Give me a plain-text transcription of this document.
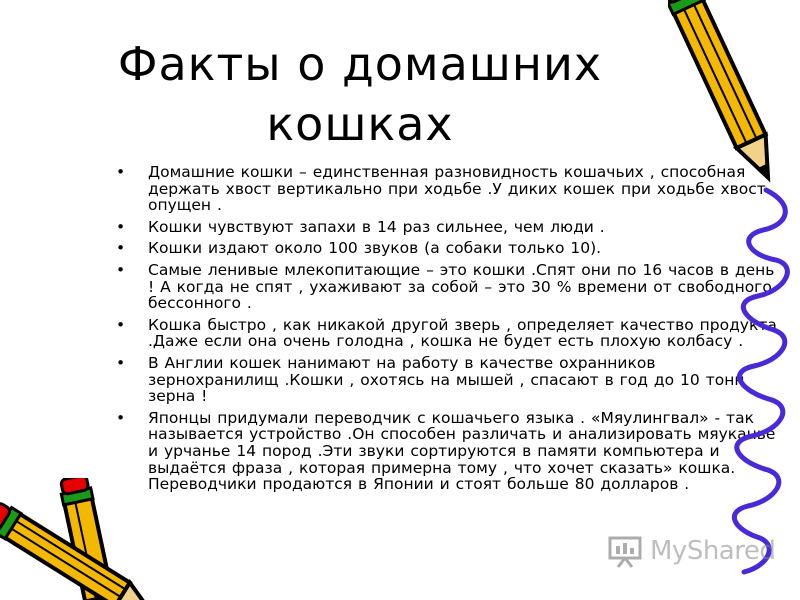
Факты о домашних кошках
• Домашние кошки – единственная разновидность кошачьих , способная держать хвост вертикально при ходьбе .У диких кошек при ходьбе хвост опущен .
• Кошки чувствуют запахи в 14 раз сильнее, чем люди .
• Кошки издают около 100 звуков (а собаки только 10).
• Самые ленивые млекопитающие – это кошки .Спят они по 16 часов в день ! А когда не спят , ухаживают за собой – это 30 % времени от свободного бессонного .
• Кошка быстро , как никакой другой зверь , определяет качество продукта .Даже если она очень голодна , кошка не будет есть плохую колбасу .
• В Англии кошек нанимают на работу в качестве охранников зернохранилищ .Кошки , охотясь на мышей , спасают в год до 10 тонн зерна !
• Японцы придумали переводчик с кошачьего языка . «Мяулингвал» - так называется устройство .Он способен различать и анализировать мяуканье и урчанье 14 пород .Эти звуки сортируются в памяти компьютера и выдаётся фраза , которая примерна тому , что хочет сказать» кошка. Переводчики продаются в Японии и стоят больше 80 долларов .
MyShared
